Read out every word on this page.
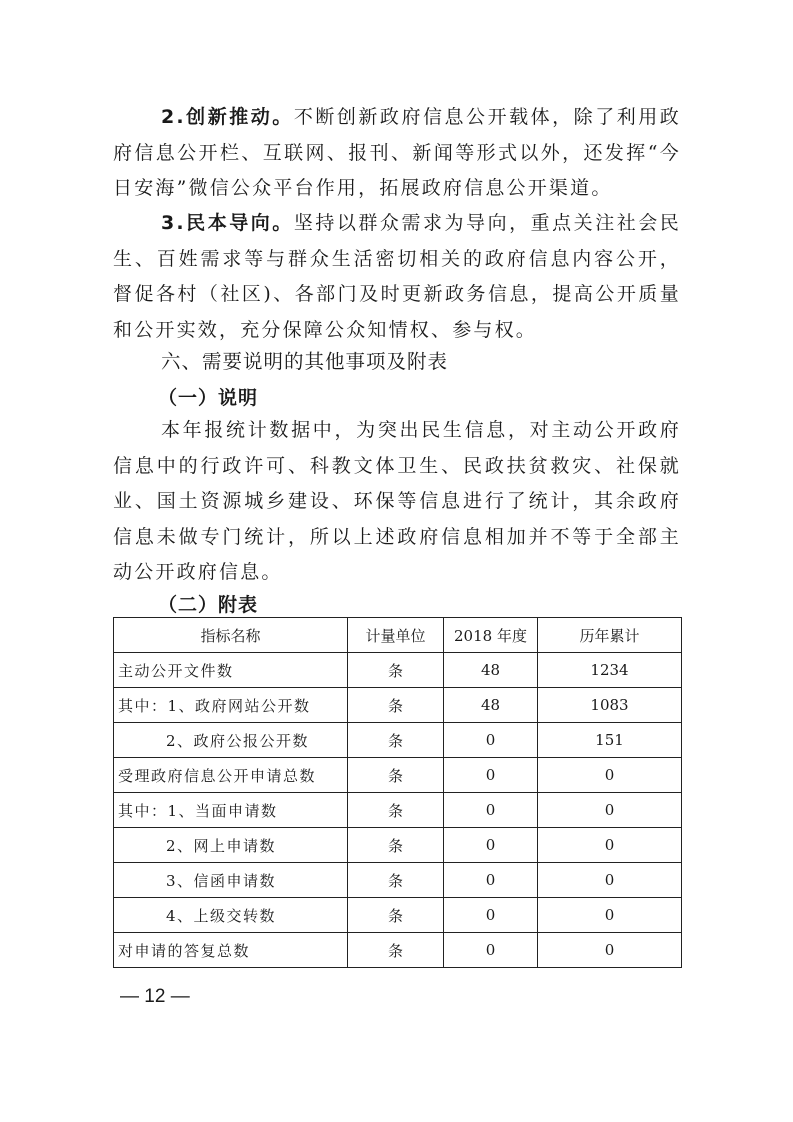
2.创新推动。不断创新政府信息公开载体，除了利用政府信息公开栏、互联网、报刊、新闻等形式以外，还发挥“今日安海”微信公众平台作用，拓展政府信息公开渠道。

3.民本导向。坚持以群众需求为导向，重点关注社会民生、百姓需求等与群众生活密切相关的政府信息内容公开，督促各村（社区)、各部门及时更新政务信息，提高公开质量和公开实效，充分保障公众知情权、参与权。

六、需要说明的其他事项及附表

（一）说明

本年报统计数据中，为突出民生信息，对主动公开政府信息中的行政许可、科教文体卫生、民政扶贫救灾、社保就业、国土资源城乡建设、环保等信息进行了统计，其余政府信息未做专门统计，所以上述政府信息相加并不等于全部主动公开政府信息。

（二）附表

指标名称	计量单位	2018 年度	历年累计
主动公开文件数	条	48	1234
其中：1、政府网站公开数	条	48	1083
2、政府公报公开数	条	0	151
受理政府信息公开申请总数	条	0	0
其中：1、当面申请数	条	0	0
2、网上申请数	条	0	0
3、信函申请数	条	0	0
4、上级交转数	条	0	0
对申请的答复总数	条	0	0
— 12 —
